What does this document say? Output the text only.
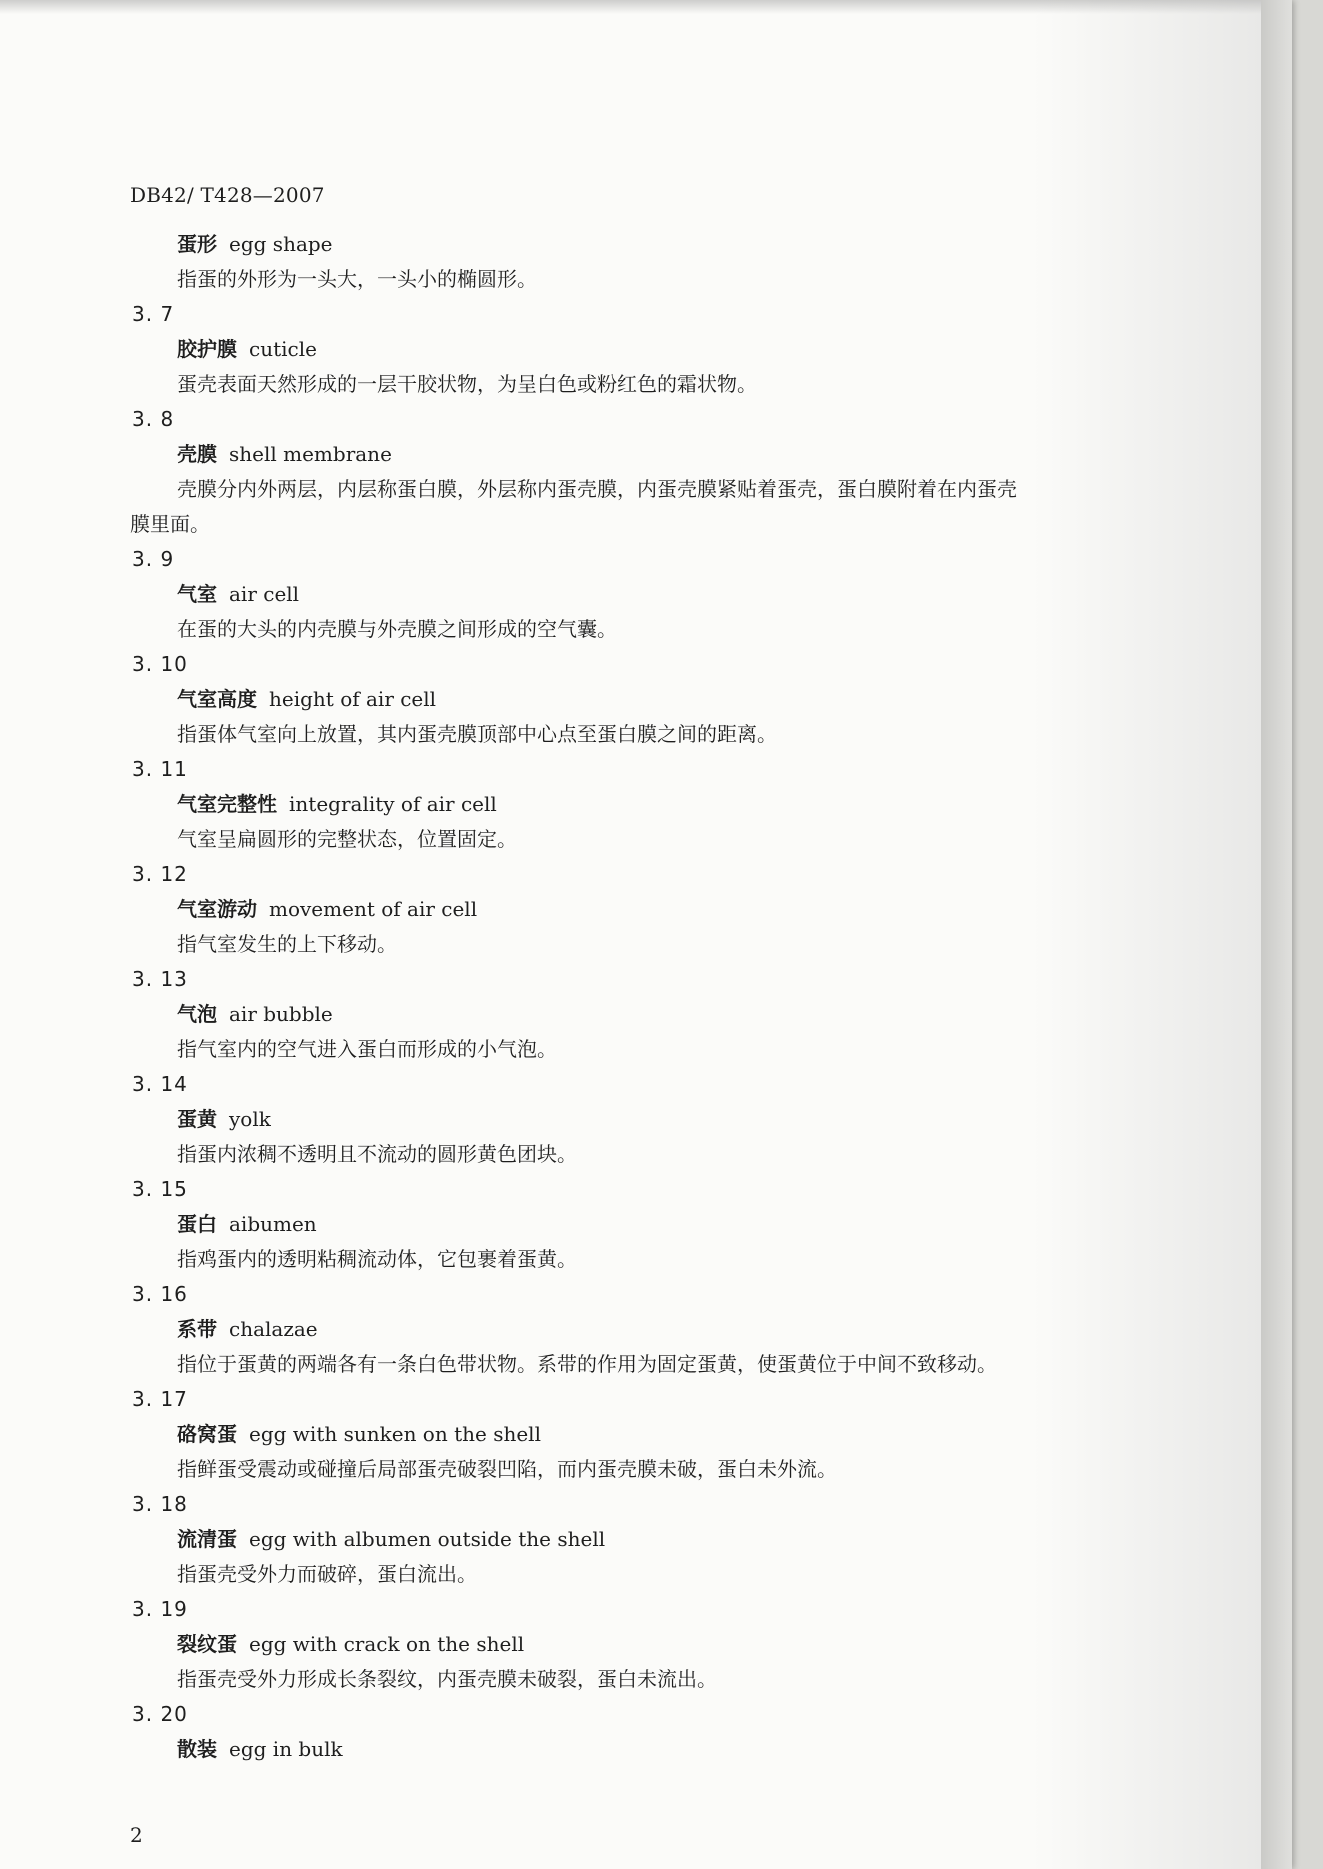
DB42/ T428—2007
蛋形 egg shape
指蛋的外形为一头大，一头小的椭圆形。
3. 7
胶护膜 cuticle
蛋壳表面天然形成的一层干胶状物，为呈白色或粉红色的霜状物。
3. 8
壳膜 shell membrane
壳膜分内外两层，内层称蛋白膜，外层称内蛋壳膜，内蛋壳膜紧贴着蛋壳，蛋白膜附着在内蛋壳
膜里面。
3. 9
气室 air cell
在蛋的大头的内壳膜与外壳膜之间形成的空气囊。
3. 10
气室高度 height of air cell
指蛋体气室向上放置，其内蛋壳膜顶部中心点至蛋白膜之间的距离。
3. 11
气室完整性 integrality of air cell
气室呈扁圆形的完整状态，位置固定。
3. 12
气室游动 movement of air cell
指气室发生的上下移动。
3. 13
气泡 air bubble
指气室内的空气进入蛋白而形成的小气泡。
3. 14
蛋黄 yolk
指蛋内浓稠不透明且不流动的圆形黄色团块。
3. 15
蛋白 aibumen
指鸡蛋内的透明粘稠流动体，它包裹着蛋黄。
3. 16
系带 chalazae
指位于蛋黄的两端各有一条白色带状物。系带的作用为固定蛋黄，使蛋黄位于中间不致移动。
3. 17
硌窝蛋 egg with sunken on the shell
指鲜蛋受震动或碰撞后局部蛋壳破裂凹陷，而内蛋壳膜未破，蛋白未外流。
3. 18
流清蛋 egg with albumen outside the shell
指蛋壳受外力而破碎，蛋白流出。
3. 19
裂纹蛋 egg with crack on the shell
指蛋壳受外力形成长条裂纹，内蛋壳膜未破裂，蛋白未流出。
3. 20
散装 egg in bulk
2
